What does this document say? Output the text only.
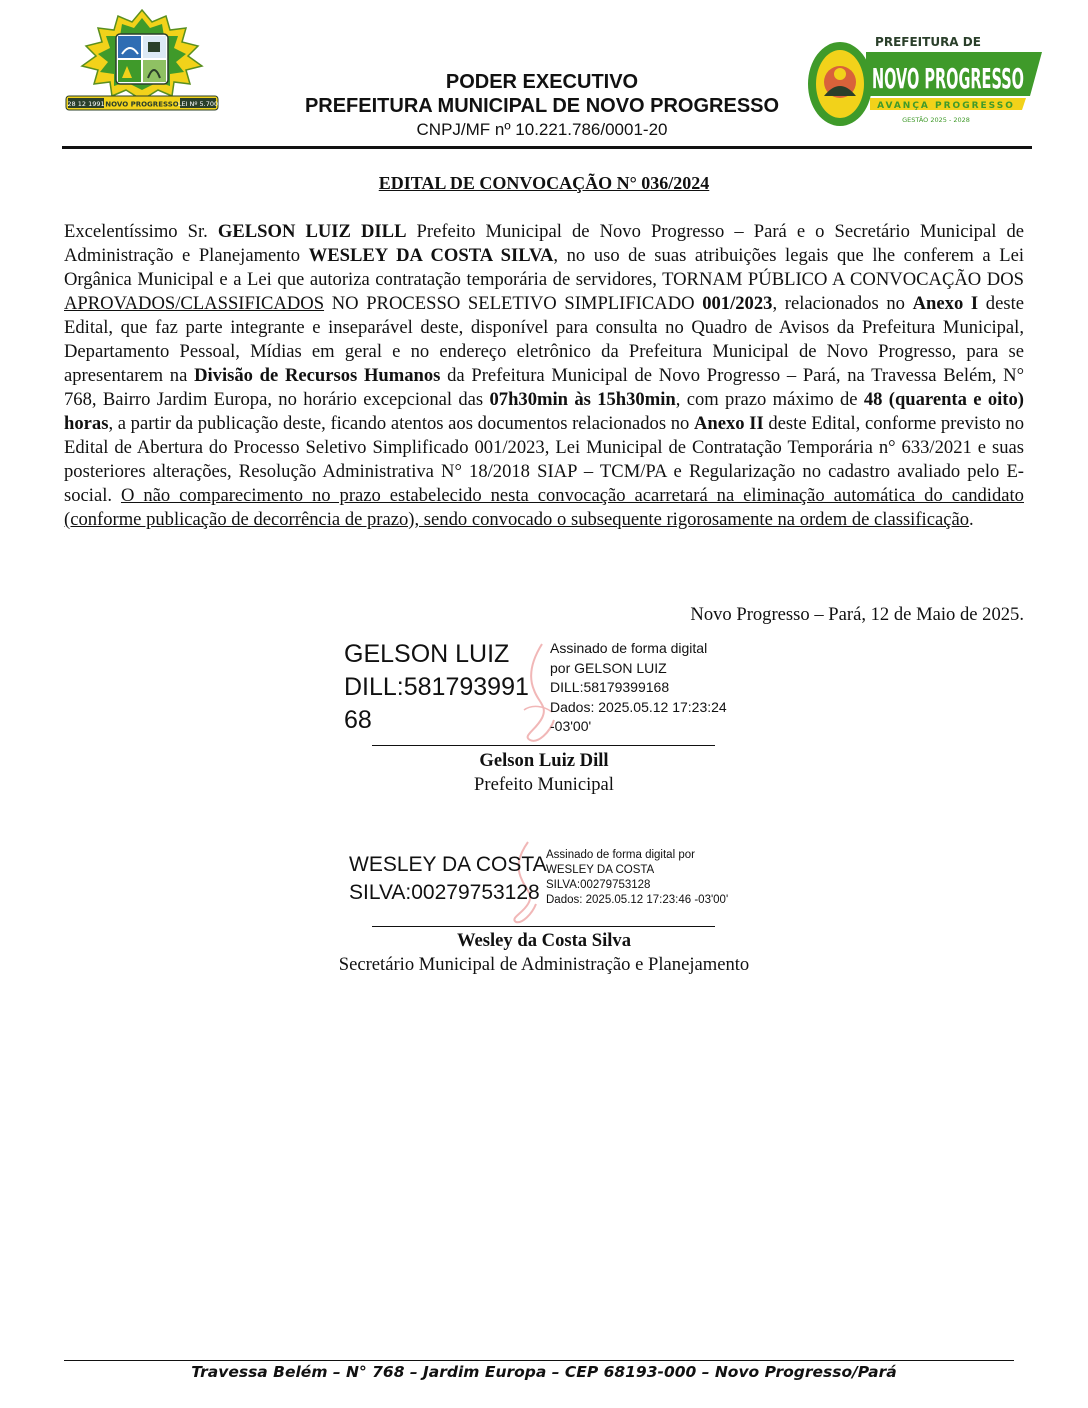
28 12 1991 NOVO PROGRESSO LEI Nº 5.700
PODER EXECUTIVO
PREFEITURA MUNICIPAL DE NOVO PROGRESSO
CNPJ/MF nº 10.221.786/0001-20
PREFEITURA DE
NOVO PROGRESSO
AVANÇA PROGRESSO
GESTÃO 2025 - 2028
EDITAL DE CONVOCAÇÃO N° 036/2024

Excelentíssimo Sr. GELSON LUIZ DILL Prefeito Municipal de Novo Progresso – Pará e o Secretário Municipal de Administração e Planejamento WESLEY DA COSTA SILVA, no uso de suas atribuições legais que lhe conferem a Lei Orgânica Municipal e a Lei que autoriza contratação temporária de servidores, TORNAM PÚBLICO A CONVOCAÇÃO DOS APROVADOS/CLASSIFICADOS NO PROCESSO SELETIVO SIMPLIFICADO 001/2023, relacionados no Anexo I deste Edital, que faz parte integrante e inseparável deste, disponível para consulta no Quadro de Avisos da Prefeitura Municipal, Departamento Pessoal, Mídias em geral e no endereço eletrônico da Prefeitura Municipal de Novo Progresso, para se apresentarem na Divisão de Recursos Humanos da Prefeitura Municipal de Novo Progresso – Pará, na Travessa Belém, N° 768, Bairro Jardim Europa, no horário excepcional das 07h30min às 15h30min, com prazo máximo de 48 (quarenta e oito) horas, a partir da publicação deste, ficando atentos aos documentos relacionados no Anexo II deste Edital, conforme previsto no Edital de Abertura do Processo Seletivo Simplificado 001/2023, Lei Municipal de Contratação Temporária n° 633/2021 e suas posteriores alterações, Resolução Administrativa N° 18/2018 SIAP – TCM/PA e Regularização no cadastro avaliado pelo E-social. O não comparecimento no prazo estabelecido nesta convocação acarretará na eliminação automática do candidato (conforme publicação de decorrência de prazo), sendo convocado o subsequente rigorosamente na ordem de classificação.

Novo Progresso – Pará, 12 de Maio de 2025.
GELSON LUIZ
DILL:581793991
68
Assinado de forma digital
por GELSON LUIZ
DILL:58179399168
Dados: 2025.05.12 17:23:24
-03'00'
Gelson Luiz Dill
Prefeito Municipal
WESLEY DA COSTA
SILVA:00279753128
Assinado de forma digital por
WESLEY DA COSTA
SILVA:00279753128
Dados: 2025.05.12 17:23:46 -03'00'
Wesley da Costa Silva
Secretário Municipal de Administração e Planejamento
Travessa Belém – N° 768 – Jardim Europa – CEP 68193-000 – Novo Progresso/Pará
